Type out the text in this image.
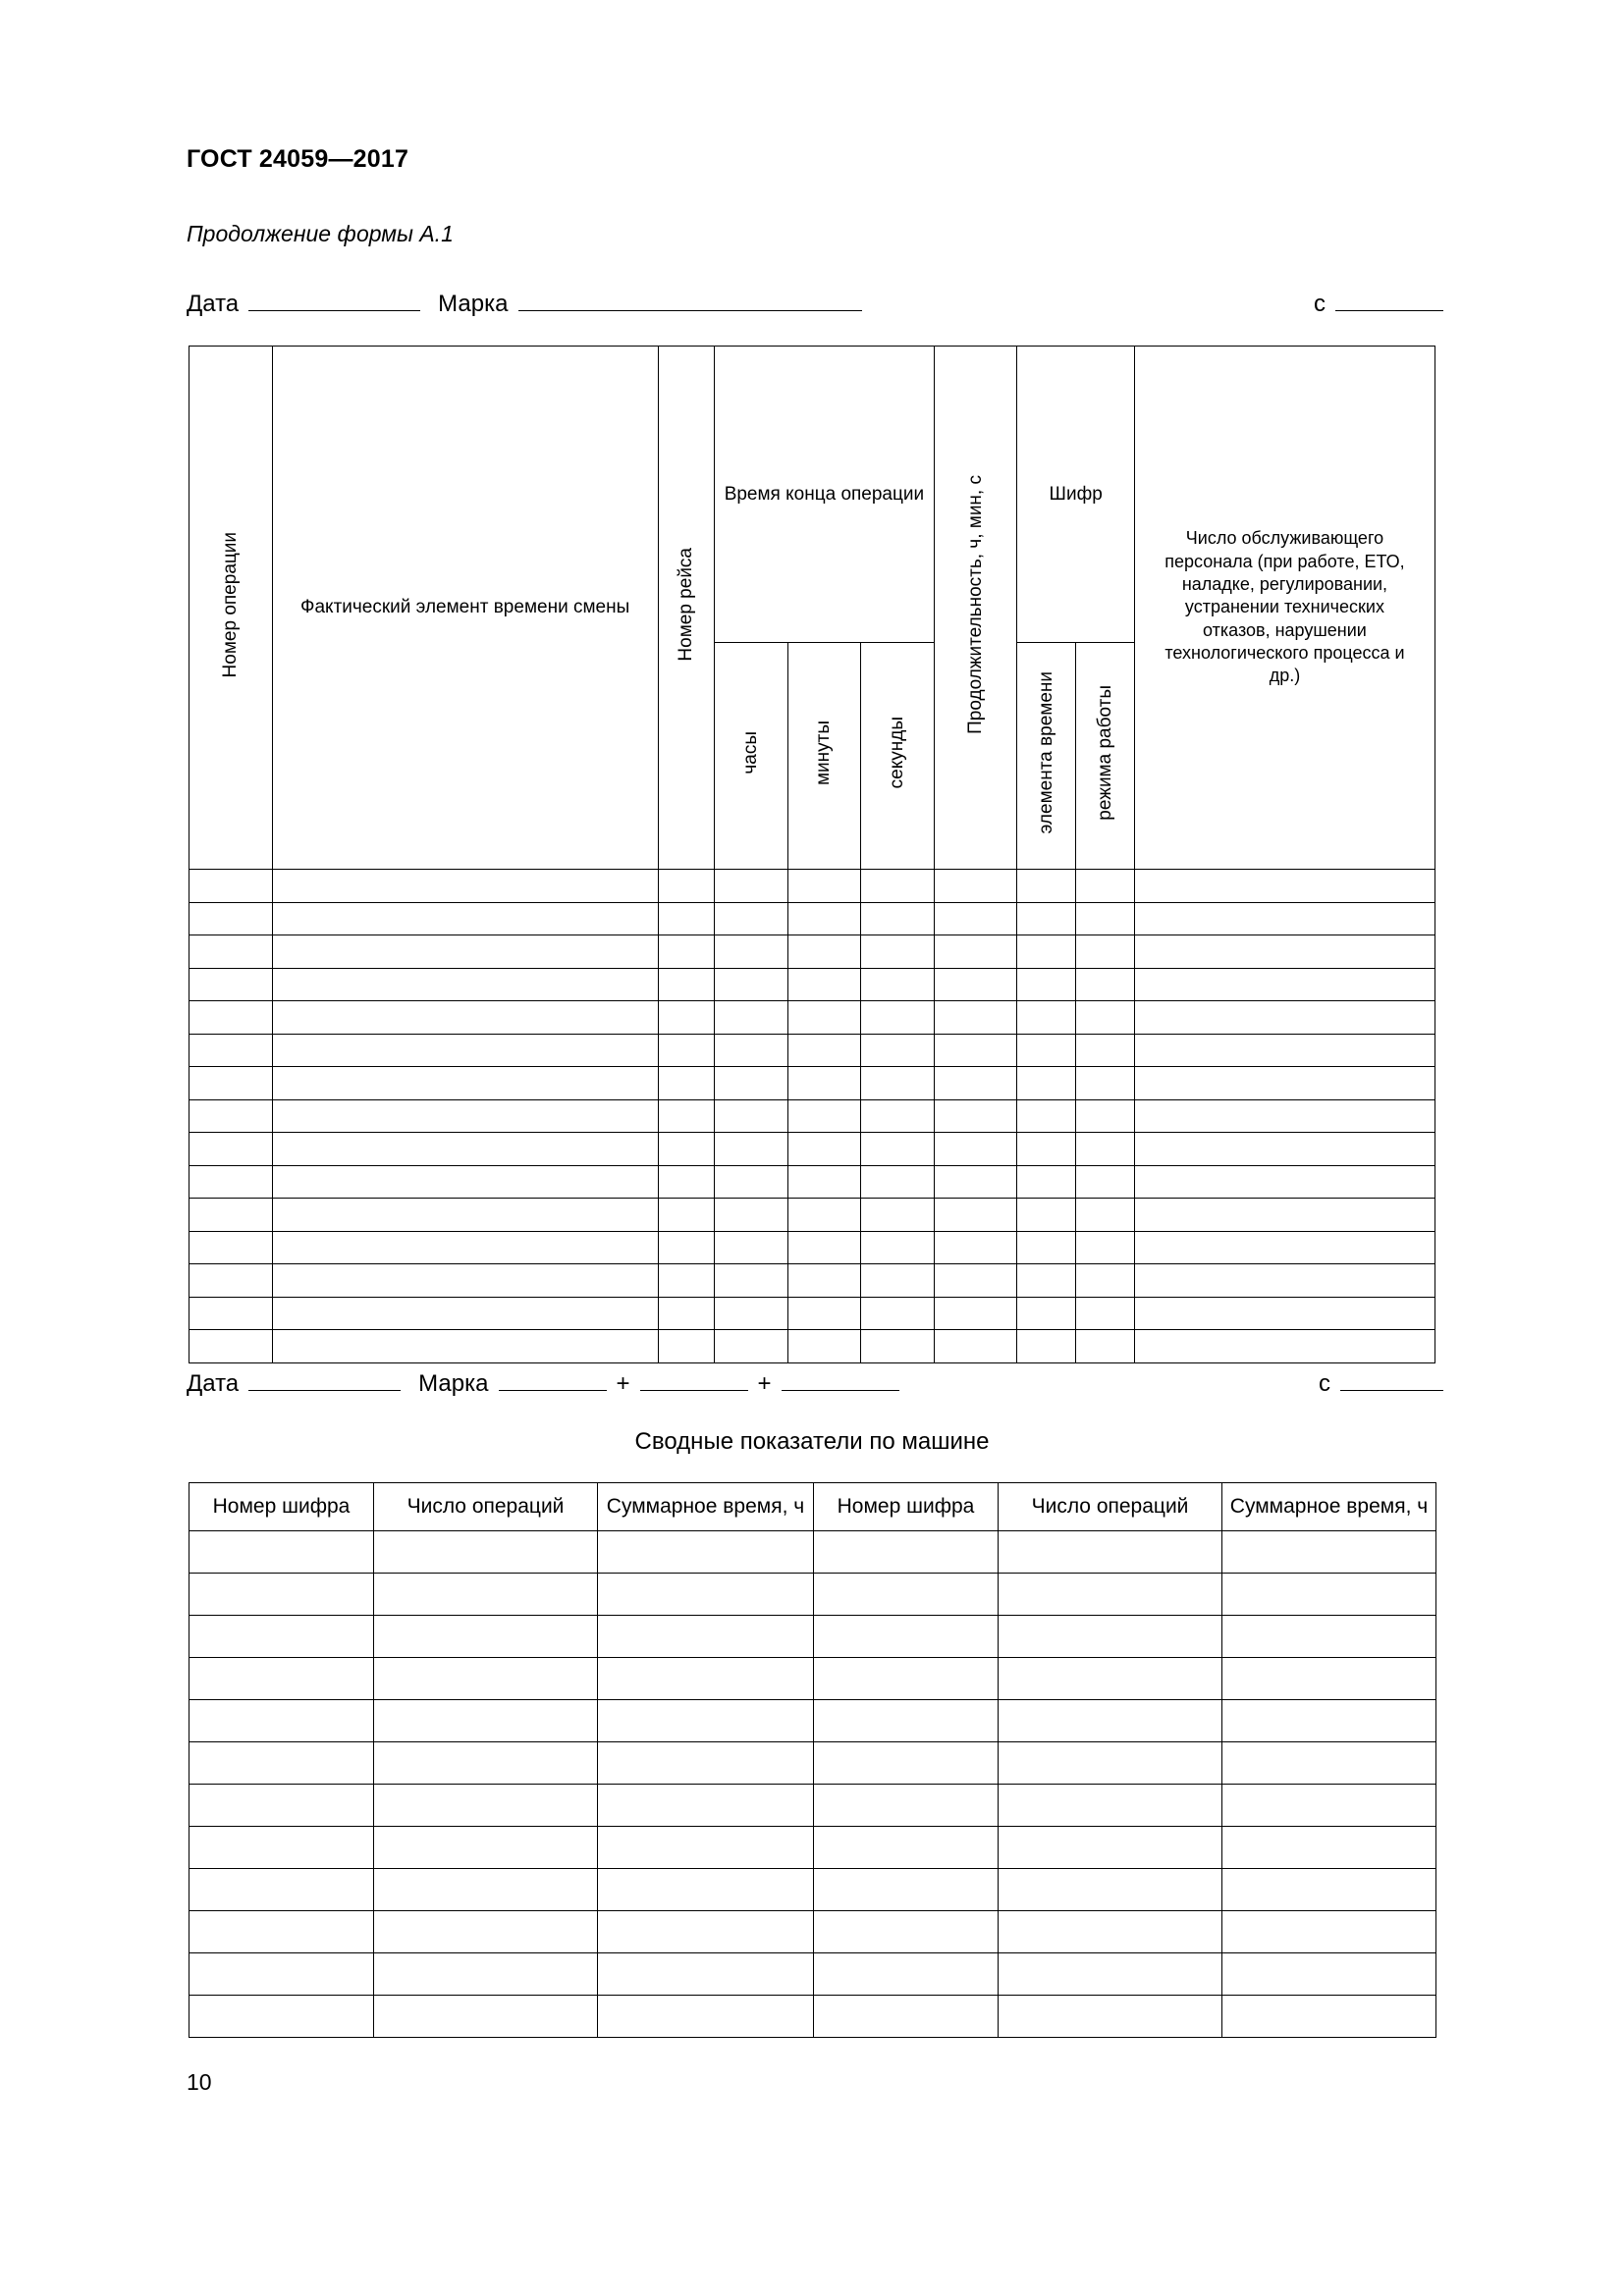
ГОСТ 24059—2017
Продолжение формы А.1
Дата	Марка	с
Номер операции	Фактический элемент времени смены	Номер рейса	Время конца операции			Продолжительность, ч, мин, с	Шифр		Число обслуживающего персонала (при работе, ЕТО, наладке, регулировании, устранении технических отказов, нарушении технологического процесса и др.)

			часы	минуты	секунды		элемента времени	режима работы	

Дата	Марка	+	+	с
Сводные показатели по машине
Номер шифра	Число операций	Суммарное время, ч	Номер шифра	Число операций	Суммарное время, ч

10
